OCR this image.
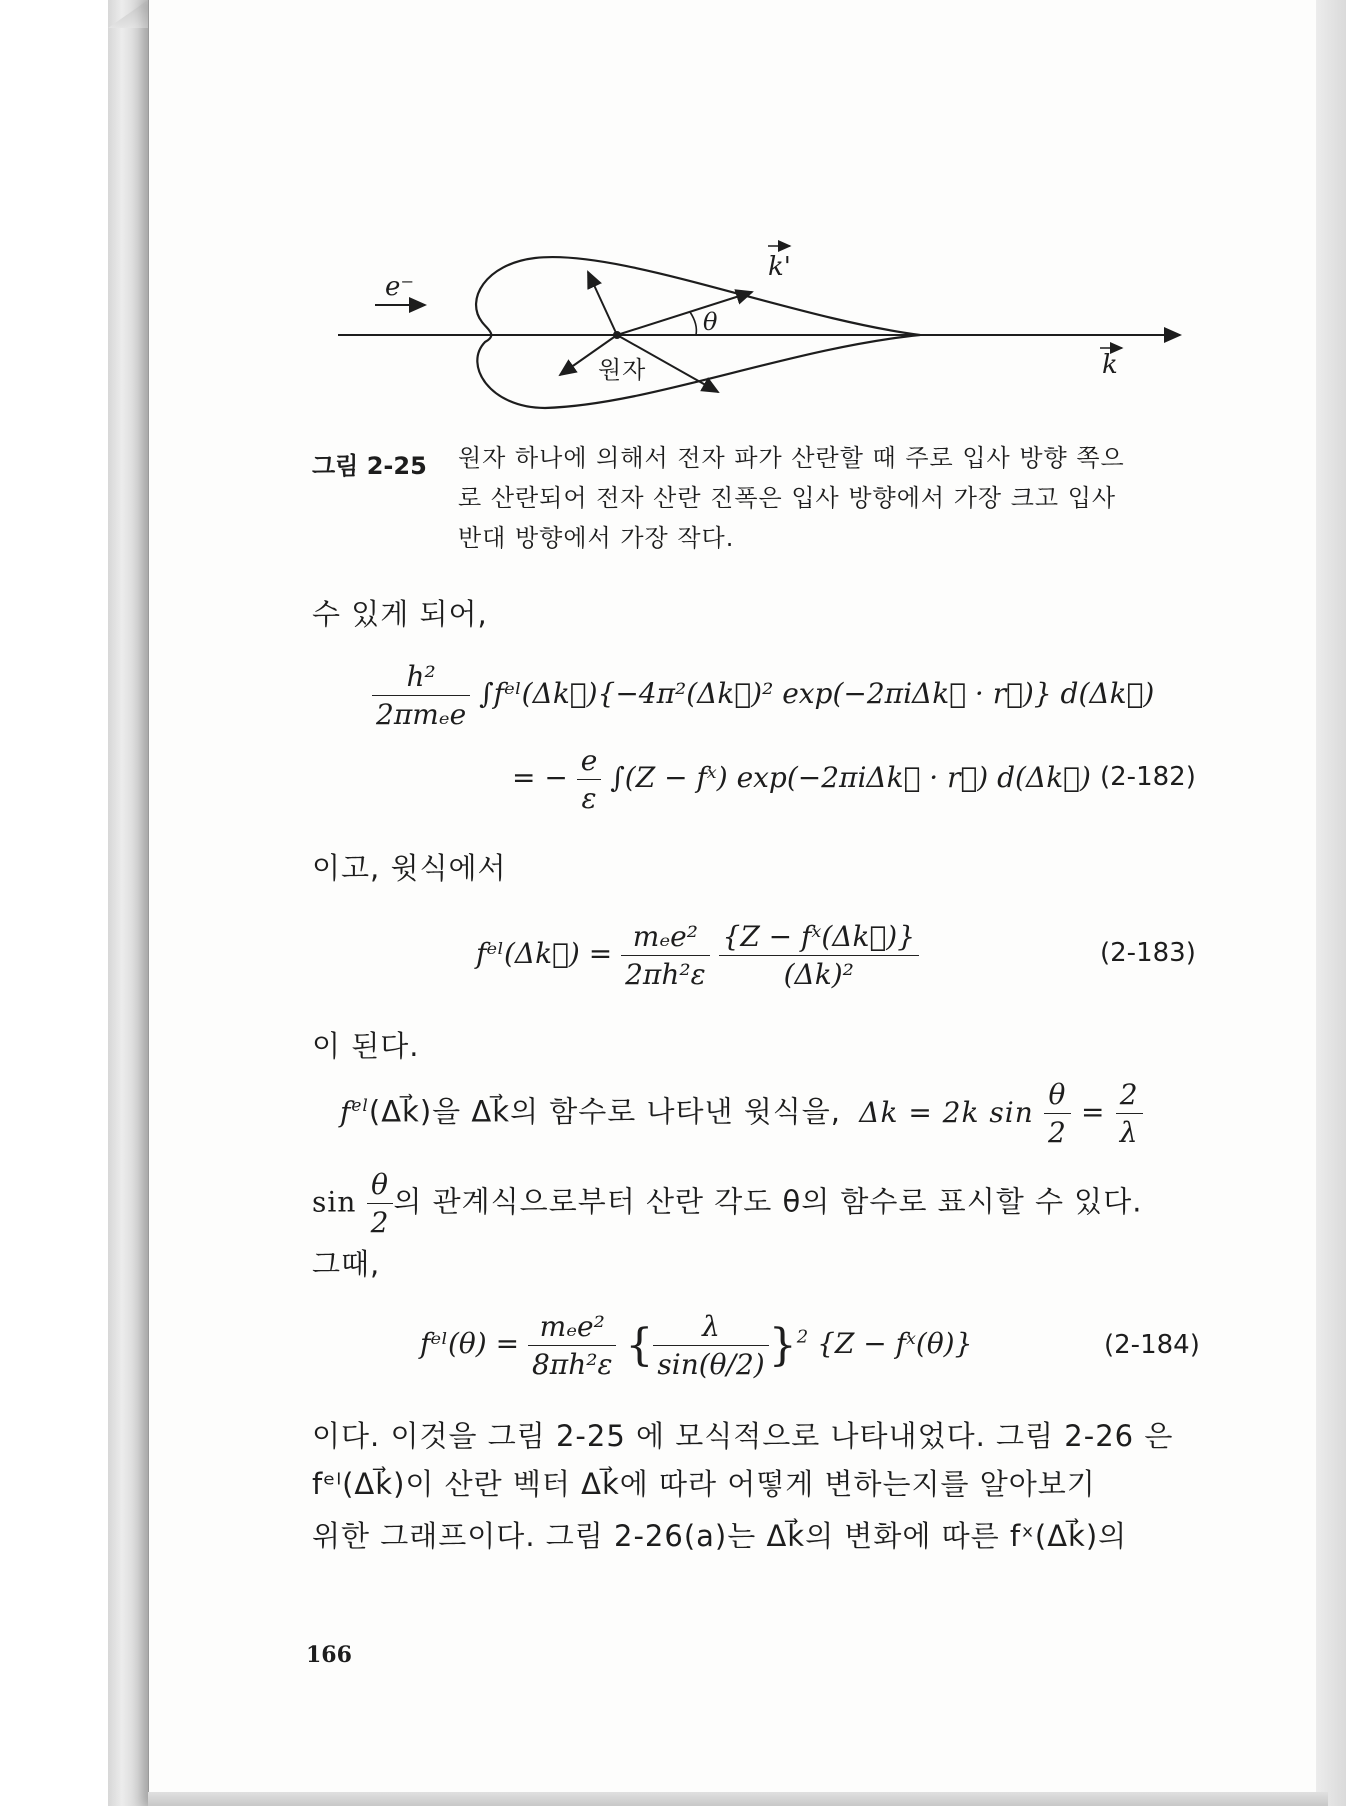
e⁻
k'
θ
원자	k
그림 2-25 원자 하나에 의해서 전자 파가 산란할 때 주로 입사 방향 쪽으
로 산란되어 전자 산란 진폭은 입사 방향에서 가장 크고 입사
반대 방향에서 가장 작다.
수 있게 되어,
$\frac{\text{h²}}{\text{2πmₑe}}$ ∫fᵉˡ(Δk⃗){−4π²(Δk⃗)² exp(−2πiΔk⃗ · r⃗)} d(Δk⃗)
= − $\frac{e}{\varepsilon} \int(Z$ − fˣ) exp(−2πiΔk⃗ · r⃗) d(Δk⃗) (2-182)
이고, 윗식에서
fᵉˡ(Δk⃗) = $\frac{\text{mₑe²}}{\text{2πh²ε}}$
$\frac{\text{\{Z − fˣ(Δk⃗)\}}}{\text{(Δk)²}}$	(2-183)
이 된다.
$f^{el}(\Delta k⃗)$을 Δk⃗의 함수로 나타낸 윗식을, Δk = 2k $\sin \frac{\theta}{2} = \frac{2}{\lambda}$
$\sin \frac{\theta}{2}$ 의 관계식으로부터 산란 각도 θ의 함수로 표시할 수 있다.
그때,
fᵉˡ(θ) = $\frac{\text{mₑe²}}{\text{8πh²ε}}$ { $\frac{\lambda}{\sin(\theta/2)} \}^2$ {Z − fˣ(θ)}	(2-184)
이다. 이것을 그림 2-25 에 모식적으로 나타내었다. 그림 2-26 은
fᵉˡ(Δk⃗)이 산란 벡터 Δk⃗에 따라 어떻게 변하는지를 알아보기
위한 그래프이다. 그림 2-26(a)는 Δk⃗의 변화에 따른 fˣ(Δk⃗)의
166
